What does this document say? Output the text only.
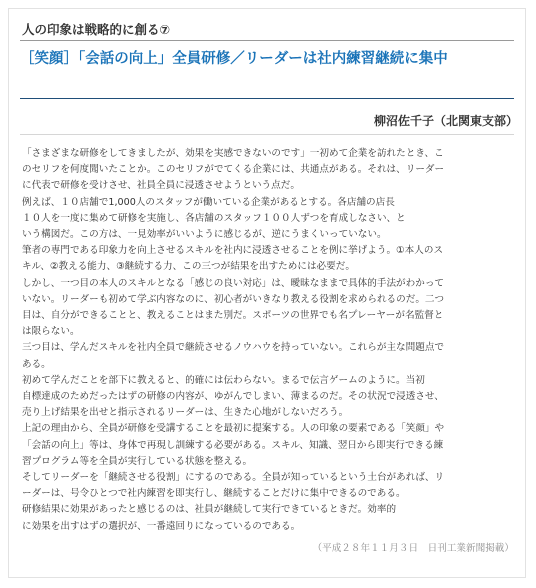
人の印象は戦略的に創る⑦
［笑顔］「会話の向上」全員研修／リーダーは社内練習継続に集中
柳沼佐千子（北関東支部）

「さまざまな研修をしてきましたが、効果を実感できないのです」一初めて企業を訪れたとき、こ

のセリフを何度聞いたことか。このセリフがでてくる企業には、共通点がある。それは、リーダー

に代表で研修を受けさせ、社員全員に浸透させようという点だ。

例えば、１０店舗で1,000人のスタッフが働いている企業があるとする。各店舗の店長

１０人を一度に集めて研修を実施し、各店舗のスタッフ１００人ずつを育成しなさい、と

いう構図だ。この方は、一見効率がいいように感じるが、逆にうまくいっていない。

筆者の専門である印象力を向上させるスキルを社内に浸透させることを例に挙げよう。①本人のス

キル、②教える能力、③継続する力、この三つが結果を出すためには必要だ。

しかし、一つ目の本人のスキルとなる「感じの良い対応」は、曖昧なままで具体的手法がわかって

いない。リーダーも初めて学ぶ内容なのに、初心者がいきなり教える役割を求められるのだ。二つ

目は、自分ができることと、教えることはまた別だ。スポーツの世界でも名プレーヤーが名監督と

は限らない。

三つ目は、学んだスキルを社内全員で継続させるノウハウを持っていない。これらが主な問題点で

ある。

初めて学んだことを部下に教えると、的確には伝わらない。まるで伝言ゲームのように。当初

自標達成のためだったはずの研修の内容が、ゆがんでしまい、薄まるのだ。その状況で浸透させ、

売り上げ結果を出せと指示されるリーダーは、生きた心地がしないだろう。

上記の理由から、全員が研修を受講することを最初に提案する。人の印象の要素である「笑顔」や

「会話の向上」等は、身体で再現し訓練する必要がある。スキル、知識、翌日から即実行できる練

習プログラム等を全員が実行している状態を整える。

そしてリーダーを「継続させる役割」にするのである。全員が知っているという土台があれば、リ

ーダーは、号令ひとつで社内練習を即実行し、継続することだけに集中できるのである。

研修結果に効果があったと感じるのは、社員が継続して実行できているときだ。効率的

に効果を出すはずの選択が、一番遠回りになっているのである。

（平成２８年１１月３日　日刊工業新聞掲載）
